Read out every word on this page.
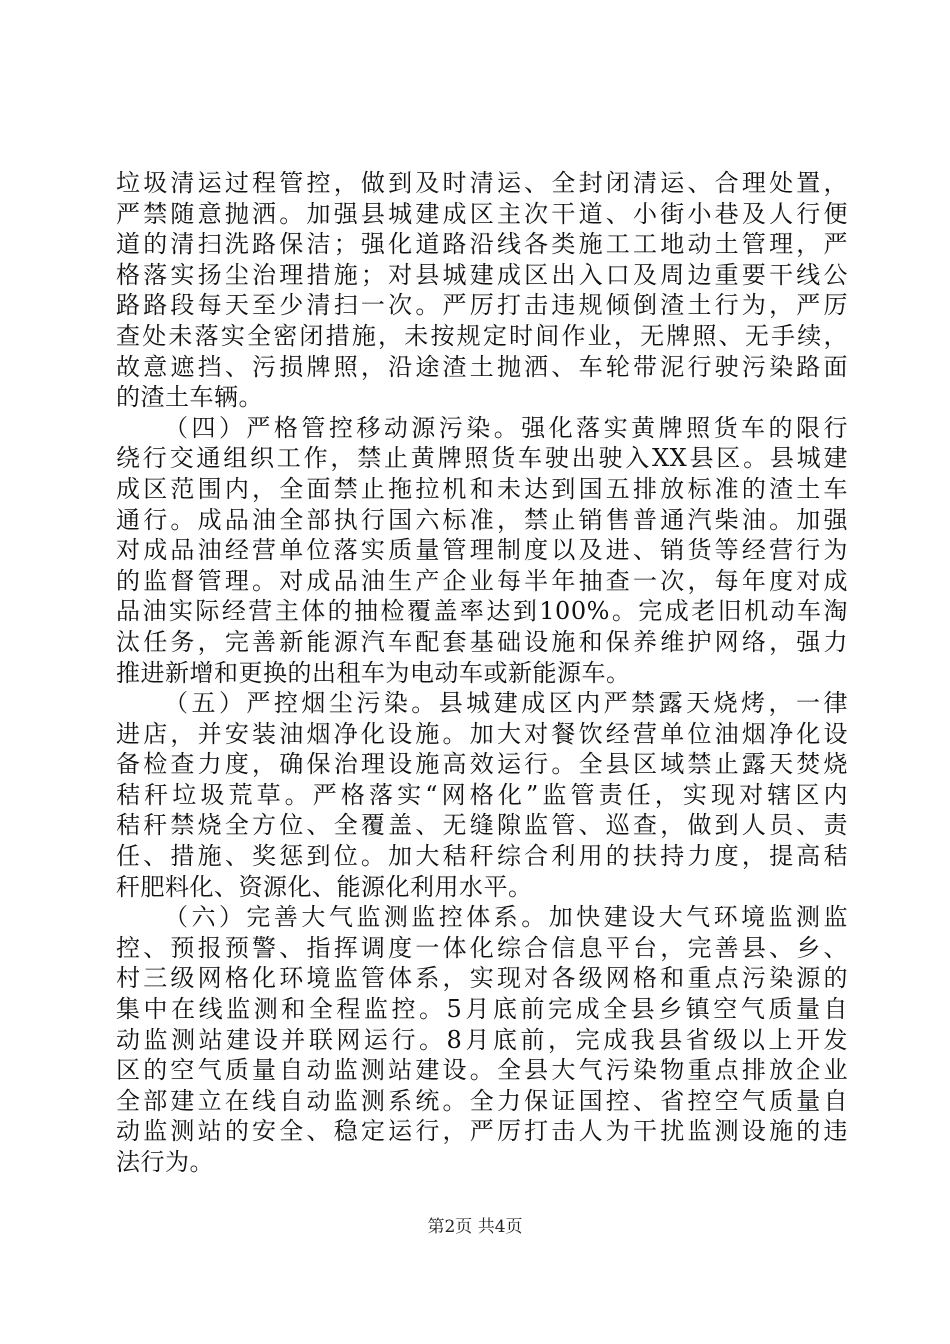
垃圾清运过程管控，做到及时清运、全封闭清运、合理处置，
严禁随意抛洒。加强县城建成区主次干道、小街小巷及人行便
道的清扫洗路保洁；强化道路沿线各类施工工地动土管理，严
格落实扬尘治理措施；对县城建成区出入口及周边重要干线公
路路段每天至少清扫一次。严厉打击违规倾倒渣土行为，严厉
查处未落实全密闭措施，未按规定时间作业，无牌照、无手续，
故意遮挡、污损牌照，沿途渣土抛洒、车轮带泥行驶污染路面
的渣土车辆。
（四）严格管控移动源污染。强化落实黄牌照货车的限行
绕行交通组织工作，禁止黄牌照货车驶出驶入XX县区。县城建
成区范围内，全面禁止拖拉机和未达到国五排放标准的渣土车
通行。成品油全部执行国六标准，禁止销售普通汽柴油。加强
对成品油经营单位落实质量管理制度以及进、销货等经营行为
的监督管理。对成品油生产企业每半年抽查一次，每年度对成
品油实际经营主体的抽检覆盖率达到100%。完成老旧机动车淘
汰任务，完善新能源汽车配套基础设施和保养维护网络，强力
推进新增和更换的出租车为电动车或新能源车。
（五）严控烟尘污染。县城建成区内严禁露天烧烤，一律
进店，并安装油烟净化设施。加大对餐饮经营单位油烟净化设
备检查力度，确保治理设施高效运行。全县区域禁止露天焚烧
秸秆垃圾荒草。严格落实“网格化”监管责任，实现对辖区内
秸秆禁烧全方位、全覆盖、无缝隙监管、巡查，做到人员、责
任、措施、奖惩到位。加大秸秆综合利用的扶持力度，提高秸
秆肥料化、资源化、能源化利用水平。
（六）完善大气监测监控体系。加快建设大气环境监测监
控、预报预警、指挥调度一体化综合信息平台，完善县、乡、
村三级网格化环境监管体系，实现对各级网格和重点污染源的
集中在线监测和全程监控。5月底前完成全县乡镇空气质量自
动监测站建设并联网运行。8月底前，完成我县省级以上开发
区的空气质量自动监测站建设。全县大气污染物重点排放企业
全部建立在线自动监测系统。全力保证国控、省控空气质量自
动监测站的安全、稳定运行，严厉打击人为干扰监测设施的违
法行为。
第2页 共4页
